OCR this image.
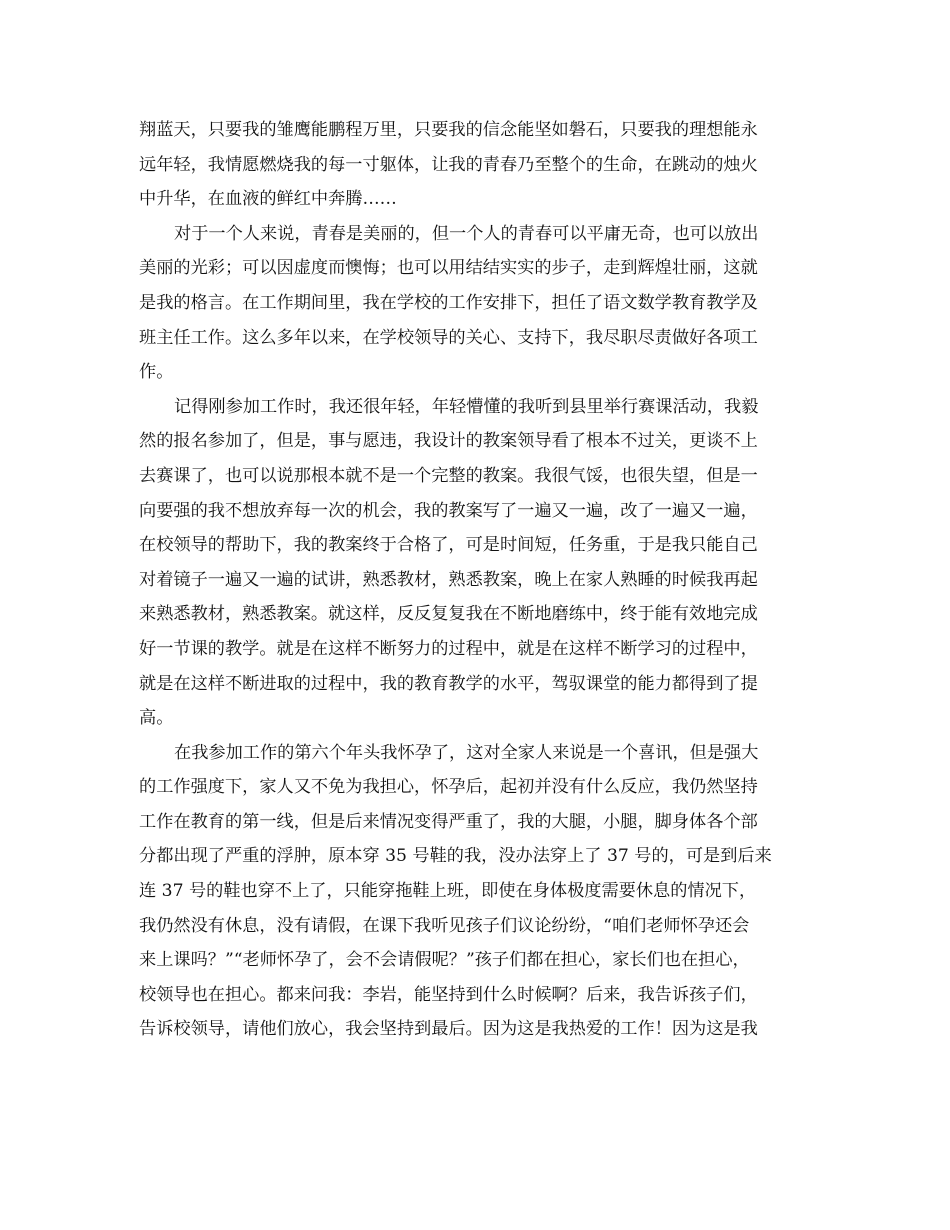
翔蓝天，只要我的雏鹰能鹏程万里，只要我的信念能坚如磐石，只要我的理想能永
远年轻，我情愿燃烧我的每一寸躯体，让我的青春乃至整个的生命，在跳动的烛火
中升华，在血液的鲜红中奔腾……
对于一个人来说，青春是美丽的，但一个人的青春可以平庸无奇，也可以放出
美丽的光彩；可以因虚度而懊悔；也可以用结结实实的步子，走到辉煌壮丽，这就
是我的格言。在工作期间里，我在学校的工作安排下，担任了语文数学教育教学及
班主任工作。这么多年以来，在学校领导的关心、支持下，我尽职尽责做好各项工
作。
记得刚参加工作时，我还很年轻，年轻懵懂的我听到县里举行赛课活动，我毅
然的报名参加了，但是，事与愿违，我设计的教案领导看了根本不过关，更谈不上
去赛课了，也可以说那根本就不是一个完整的教案。我很气馁，也很失望，但是一
向要强的我不想放弃每一次的机会，我的教案写了一遍又一遍，改了一遍又一遍，
在校领导的帮助下，我的教案终于合格了，可是时间短，任务重，于是我只能自己
对着镜子一遍又一遍的试讲，熟悉教材，熟悉教案，晚上在家人熟睡的时候我再起
来熟悉教材，熟悉教案。就这样，反反复复我在不断地磨练中，终于能有效地完成
好一节课的教学。就是在这样不断努力的过程中，就是在这样不断学习的过程中，
就是在这样不断进取的过程中，我的教育教学的水平，驾驭课堂的能力都得到了提
高。
在我参加工作的第六个年头我怀孕了，这对全家人来说是一个喜讯，但是强大
的工作强度下，家人又不免为我担心，怀孕后，起初并没有什么反应，我仍然坚持
工作在教育的第一线，但是后来情况变得严重了，我的大腿，小腿，脚身体各个部
分都出现了严重的浮肿，原本穿 35 号鞋的我，没办法穿上了 37 号的，可是到后来
连 37 号的鞋也穿不上了，只能穿拖鞋上班，即使在身体极度需要休息的情况下，
我仍然没有休息，没有请假，在课下我听见孩子们议论纷纷，“咱们老师怀孕还会
来上课吗？”“老师怀孕了，会不会请假呢？”孩子们都在担心，家长们也在担心，
校领导也在担心。都来问我：李岩，能坚持到什么时候啊？后来，我告诉孩子们，
告诉校领导，请他们放心，我会坚持到最后。因为这是我热爱的工作！因为这是我
